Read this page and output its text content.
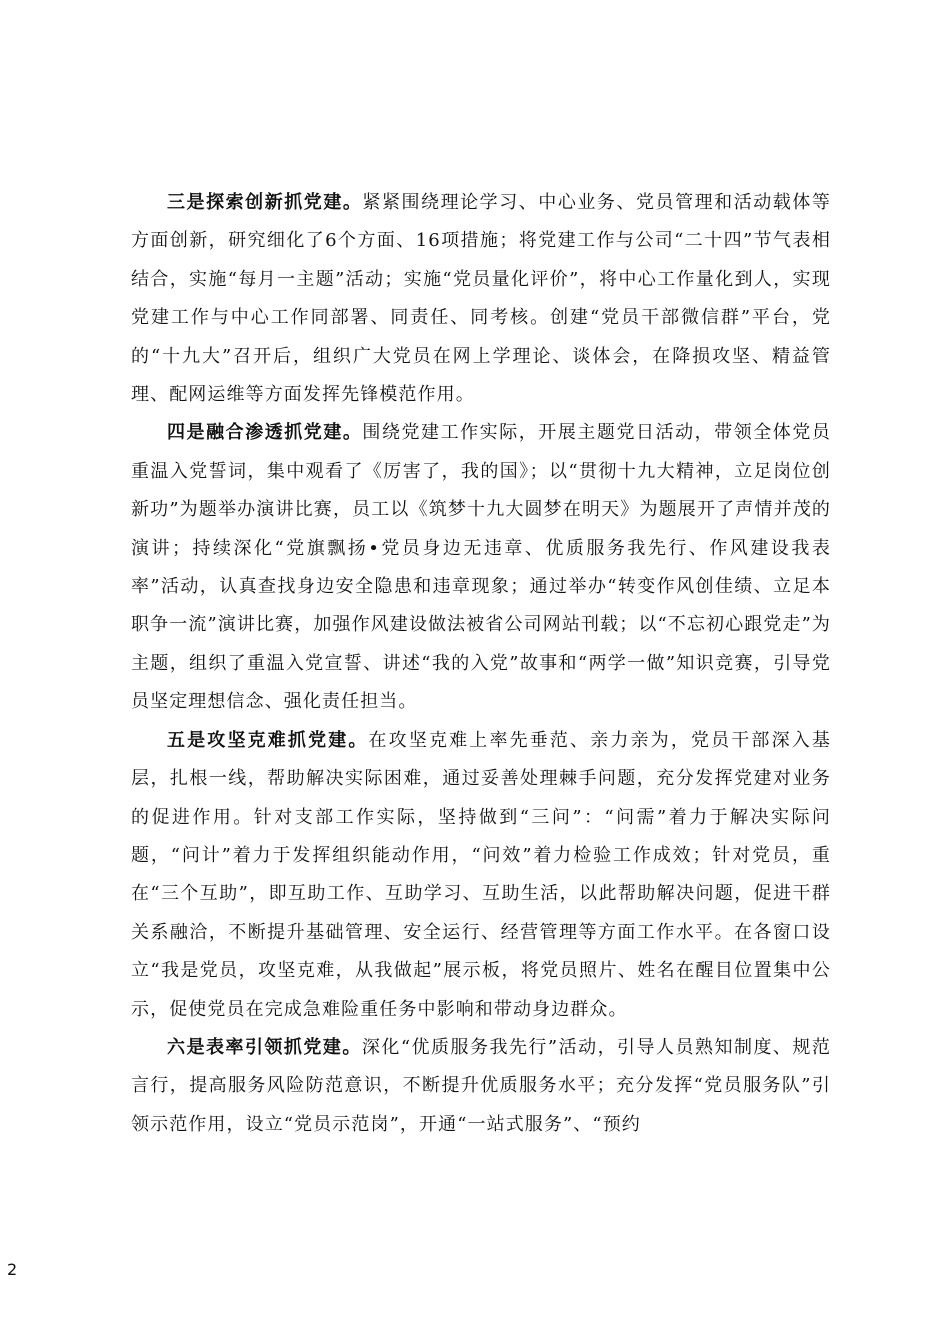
三是探索创新抓党建。紧紧围绕理论学习、中心业务、党员管理和活动载体等方面创新，研究细化了6个方面、16项措施；将党建工作与公司“二十四”节气表相结合，实施“每月一主题”活动；实施“党员量化评价”，将中心工作量化到人，实现党建工作与中心工作同部署、同责任、同考核。创建“党员干部微信群”平台，党的“十九大”召开后，组织广大党员在网上学理论、谈体会，在降损攻坚、精益管理、配网运维等方面发挥先锋模范作用。

四是融合渗透抓党建。围绕党建工作实际，开展主题党日活动，带领全体党员重温入党誓词，集中观看了《厉害了，我的国》；以“贯彻十九大精神，立足岗位创新功”为题举办演讲比赛，员工以《筑梦十九大圆梦在明天》为题展开了声情并茂的演讲；持续深化“党旗飘扬•党员身边无违章、优质服务我先行、作风建设我表率”活动，认真查找身边安全隐患和违章现象；通过举办“转变作风创佳绩、立足本职争一流”演讲比赛，加强作风建设做法被省公司网站刊载；以“不忘初心跟党走”为主题，组织了重温入党宣誓、讲述“我的入党”故事和“两学一做”知识竞赛，引导党员坚定理想信念、强化责任担当。

五是攻坚克难抓党建。在攻坚克难上率先垂范、亲力亲为，党员干部深入基层，扎根一线，帮助解决实际困难，通过妥善处理棘手问题，充分发挥党建对业务的促进作用。针对支部工作实际，坚持做到“三问”：“问需”着力于解决实际问题，“问计”着力于发挥组织能动作用，“问效”着力检验工作成效；针对党员，重在“三个互助”，即互助工作、互助学习、互助生活，以此帮助解决问题，促进干群关系融洽，不断提升基础管理、安全运行、经营管理等方面工作水平。在各窗口设立“我是党员，攻坚克难，从我做起”展示板，将党员照片、姓名在醒目位置集中公示，促使党员在完成急难险重任务中影响和带动身边群众。

六是表率引领抓党建。深化“优质服务我先行”活动，引导人员熟知制度、规范言行，提高服务风险防范意识，不断提升优质服务水平；充分发挥“党员服务队”引领示范作用，设立“党员示范岗”，开通“一站式服务”、“预约

2
